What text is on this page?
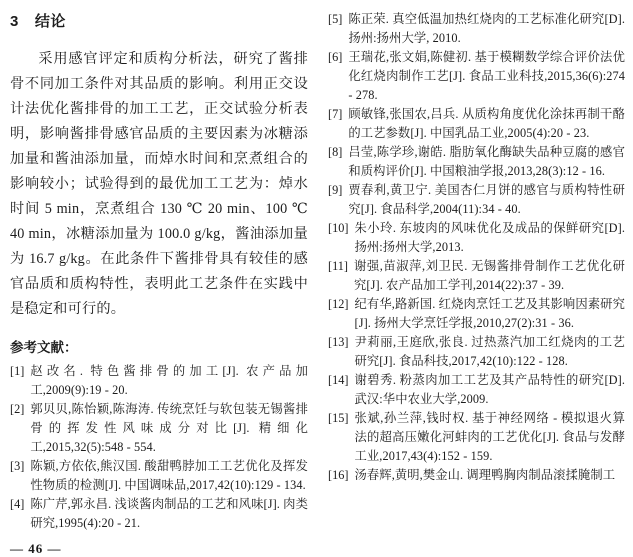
3 结论

采用感官评定和质构分析法，研究了酱排骨不同加工条件对其品质的影响。利用正交设计法优化酱排骨的加工工艺，正交试验分析表明，影响酱排骨感官品质的主要因素为冰糖添加量和酱油添加量，而焯水时间和烹煮组合的影响较小；试验得到的最优加工工艺为：焯水时间 5 min，烹煮组合 130 ℃ 20 min、100 ℃ 40 min，冰糖添加量为 100.0 g/kg，酱油添加量为 16.7 g/kg。在此条件下酱排骨具有较佳的感官品质和质构特性，表明此工艺条件在实践中是稳定和可行的。

参考文献：
[1] 赵改名. 特色酱排骨的加工[J]. 农产品加工,2009(9):19 - 20.
[2] 郭贝贝,陈怡颖,陈海涛. 传统烹饪与软包装无锡酱排骨的挥发性风味成分对比[J]. 精细化工,2015,32(5):548 - 554.
[3] 陈颖,方依依,熊汉国. 酸甜鸭脖加工工艺优化及挥发性物质的检测[J]. 中国调味品,2017,42(10):129 - 134.
[4] 陈广芹,郭永昌. 浅谈酱肉制品的工艺和风味[J]. 肉类研究,1995(4):20 - 21.
— 46 —
[5] 陈正荣. 真空低温加热红烧肉的工艺标准化研究[D]. 扬州:扬州大学, 2010.
[6] 王瑞花,张文娟,陈健初. 基于模糊数学综合评价法优化红烧肉制作工艺[J]. 食品工业科技,2015,36(6):274 - 278.
[7] 顾敏锋,张国农,吕兵. 从质构角度优化涂抹再制干酪的工艺参数[J]. 中国乳品工业,2005(4):20 - 23.
[8] 吕莹,陈学珍,谢皓. 脂肪氧化酶缺失品种豆腐的感官和质构评价[J]. 中国粮油学报,2013,28(3):12 - 16.
[9] 贾春利,黄卫宁. 美国杏仁月饼的感官与质构特性研究[J]. 食品科学,2004(11):34 - 40.
[10] 朱小玲. 东坡肉的风味优化及成品的保鲜研究[D]. 扬州:扬州大学,2013.
[11] 谢强,苗淑萍,刘卫民. 无锡酱排骨制作工艺优化研究[J]. 农产品加工学刊,2014(22):37 - 39.
[12] 纪有华,路新国. 红烧肉烹饪工艺及其影响因素研究[J]. 扬州大学烹饪学报,2010,27(2):31 - 36.
[13] 尹莉丽,王庭欣,张良. 过热蒸汽加工红烧肉的工艺研究[J]. 食品科技,2017,42(10):122 - 128.
[14] 谢碧秀. 粉蒸肉加工工艺及其产品特性的研究[D]. 武汉:华中农业大学,2009.
[15] 张斌,孙兰萍,钱时权. 基于神经网络 - 模拟退火算法的超高压嫩化河蚌肉的工艺优化[J]. 食品与发酵工业,2017,43(4):152 - 159.
[16] 汤春辉,黄明,樊金山. 调理鸭胸肉制品滚揉腌制工
